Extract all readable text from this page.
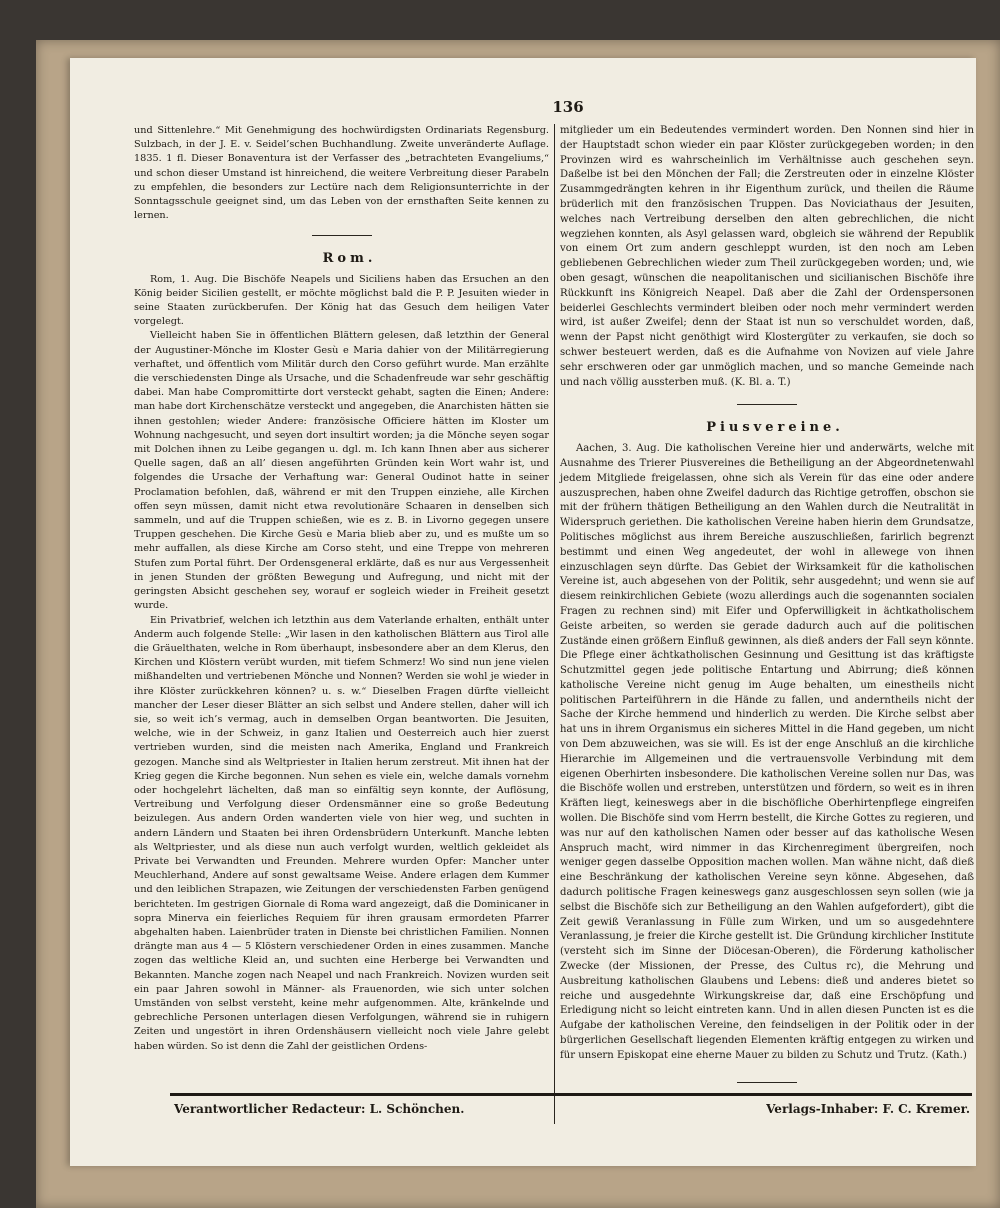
136

und Sittenlehre.“ Mit Genehmigung des hochwürdigsten Ordinariats Regensburg. Sulzbach, in der J. E. v. Seidel’schen Buchhandlung. Zweite unveränderte Auflage. 1835. 1 fl. Dieser Bonaventura ist der Verfasser des „betrachteten Evangeliums,“ und schon dieser Umstand ist hinreichend, die weitere Verbreitung dieser Parabeln zu empfehlen, die besonders zur Lectüre nach dem Religionsunterrichte in der Sonntagsschule geeignet sind, um das Leben von der ernsthaften Seite kennen zu lernen.

Rom.

Rom, 1. Aug. Die Bischöfe Neapels und Siciliens haben das Ersuchen an den König beider Sicilien gestellt, er möchte möglichst bald die P. P. Jesuiten wieder in seine Staaten zurückberufen. Der König hat das Gesuch dem heiligen Vater vorgelegt.

Vielleicht haben Sie in öffentlichen Blättern gelesen, daß letzthin der General der Augustiner-Mönche im Kloster Gesù e Maria dahier von der Militärregierung verhaftet, und öffentlich vom Militär durch den Corso geführt wurde. Man erzählte die verschiedensten Dinge als Ursache, und die Schadenfreude war sehr geschäftig dabei. Man habe Compromittirte dort versteckt gehabt, sagten die Einen; Andere: man habe dort Kirchenschätze versteckt und angegeben, die Anarchisten hätten sie ihnen gestohlen; wieder Andere: französische Officiere hätten im Kloster um Wohnung nachgesucht, und seyen dort insultirt worden; ja die Mönche seyen sogar mit Dolchen ihnen zu Leibe gegangen u. dgl. m. Ich kann Ihnen aber aus sicherer Quelle sagen, daß an all’ diesen angeführten Gründen kein Wort wahr ist, und folgendes die Ursache der Verhaftung war: General Oudinot hatte in seiner Proclamation befohlen, daß, während er mit den Truppen einziehe, alle Kirchen offen seyn müssen, damit nicht etwa revolutionäre Schaaren in denselben sich sammeln, und auf die Truppen schießen, wie es z. B. in Livorno gegegen unsere Truppen geschehen. Die Kirche Gesù e Maria blieb aber zu, und es mußte um so mehr auffallen, als diese Kirche am Corso steht, und eine Treppe von mehreren Stufen zum Portal führt. Der Ordensgeneral erklärte, daß es nur aus Vergessenheit in jenen Stunden der größten Bewegung und Aufregung, und nicht mit der geringsten Absicht geschehen sey, worauf er sogleich wieder in Freiheit gesetzt wurde.

Ein Privatbrief, welchen ich letzthin aus dem Vaterlande erhalten, enthält unter Anderm auch folgende Stelle: „Wir lasen in den katholischen Blättern aus Tirol alle die Gräuelthaten, welche in Rom überhaupt, insbesondere aber an dem Klerus, den Kirchen und Klöstern verübt wurden, mit tiefem Schmerz! Wo sind nun jene vielen mißhandelten und vertriebenen Mönche und Nonnen? Werden sie wohl je wieder in ihre Klöster zurückkehren können? u. s. w.“ Dieselben Fragen dürfte vielleicht mancher der Leser dieser Blätter an sich selbst und Andere stellen, daher will ich sie, so weit ich’s vermag, auch in demselben Organ beantworten. Die Jesuiten, welche, wie in der Schweiz, in ganz Italien und Oesterreich auch hier zuerst vertrieben wurden, sind die meisten nach Amerika, England und Frankreich gezogen. Manche sind als Weltpriester in Italien herum zerstreut. Mit ihnen hat der Krieg gegen die Kirche begonnen. Nun sehen es viele ein, welche damals vornehm oder hochgelehrt lächelten, daß man so einfältig seyn konnte, der Auflösung, Vertreibung und Verfolgung dieser Ordensmänner eine so große Bedeutung beizulegen. Aus andern Orden wanderten viele von hier weg, und suchten in andern Ländern und Staaten bei ihren Ordensbrüdern Unterkunft. Manche lebten als Weltpriester, und als diese nun auch verfolgt wurden, weltlich gekleidet als Private bei Verwandten und Freunden. Mehrere wurden Opfer: Mancher unter Meuchlerhand, Andere auf sonst gewaltsame Weise. Andere erlagen dem Kummer und den leiblichen Strapazen, wie Zeitungen der verschiedensten Farben genügend berichteten. Im gestrigen Giornale di Roma ward angezeigt, daß die Dominicaner in sopra Minerva ein feierliches Requiem für ihren grausam ermordeten Pfarrer abgehalten haben. Laienbrüder traten in Dienste bei christlichen Familien. Nonnen drängte man aus 4 — 5 Klöstern verschiedener Orden in eines zusammen. Manche zogen das weltliche Kleid an, und suchten eine Herberge bei Verwandten und Bekannten. Manche zogen nach Neapel und nach Frankreich. Novizen wurden seit ein paar Jahren sowohl in Männer- als Frauenorden, wie sich unter solchen Umständen von selbst versteht, keine mehr aufgenommen. Alte, kränkelnde und gebrechliche Personen unterlagen diesen Verfolgungen, während sie in ruhigern Zeiten und ungestört in ihren Ordenshäusern vielleicht noch viele Jahre gelebt haben würden. So ist denn die Zahl der geistlichen Ordens-

mitglieder um ein Bedeutendes vermindert worden. Den Nonnen sind hier in der Hauptstadt schon wieder ein paar Klöster zurückgegeben worden; in den Provinzen wird es wahrscheinlich im Verhältnisse auch geschehen seyn. Daßelbe ist bei den Mönchen der Fall; die Zerstreuten oder in einzelne Klöster Zusammgedrängten kehren in ihr Eigenthum zurück, und theilen die Räume brüderlich mit den französischen Truppen. Das Noviciathaus der Jesuiten, welches nach Vertreibung derselben den alten gebrechlichen, die nicht wegziehen konnten, als Asyl gelassen ward, obgleich sie während der Republik von einem Ort zum andern geschleppt wurden, ist den noch am Leben gebliebenen Gebrechlichen wieder zum Theil zurückgegeben worden; und, wie oben gesagt, wünschen die neapolitanischen und sicilianischen Bischöfe ihre Rückkunft ins Königreich Neapel. Daß aber die Zahl der Ordenspersonen beiderlei Geschlechts vermindert bleiben oder noch mehr vermindert werden wird, ist außer Zweifel; denn der Staat ist nun so verschuldet worden, daß, wenn der Papst nicht genöthigt wird Klostergüter zu verkaufen, sie doch so schwer besteuert werden, daß es die Aufnahme von Novizen auf viele Jahre sehr erschweren oder gar unmöglich machen, und so manche Gemeinde nach und nach völlig aussterben muß. (K. Bl. a. T.)

Piusvereine.

Aachen, 3. Aug. Die katholischen Vereine hier und anderwärts, welche mit Ausnahme des Trierer Piusvereines die Betheiligung an der Abgeordnetenwahl jedem Mitgliede freigelassen, ohne sich als Verein für das eine oder andere auszusprechen, haben ohne Zweifel dadurch das Richtige getroffen, obschon sie mit der frühern thätigen Betheiligung an den Wahlen durch die Neutralität in Widerspruch geriethen. Die katholischen Vereine haben hierin dem Grundsatze, Politisches möglichst aus ihrem Bereiche auszuschließen, farirlich begrenzt bestimmt und einen Weg angedeutet, der wohl in allewege von ihnen einzuschlagen seyn dürfte. Das Gebiet der Wirksamkeit für die katholischen Vereine ist, auch abgesehen von der Politik, sehr ausgedehnt; und wenn sie auf diesem reinkirchlichen Gebiete (wozu allerdings auch die sogenannten socialen Fragen zu rechnen sind) mit Eifer und Opferwilligkeit in ächtkatholischem Geiste arbeiten, so werden sie gerade dadurch auch auf die politischen Zustände einen größern Einfluß gewinnen, als dieß anders der Fall seyn könnte. Die Pflege einer ächtkatholischen Gesinnung und Gesittung ist das kräftigste Schutzmittel gegen jede politische Entartung und Abirrung; dieß können katholische Vereine nicht genug im Auge behalten, um einestheils nicht politischen Parteiführern in die Hände zu fallen, und anderntheils nicht der Sache der Kirche hemmend und hinderlich zu werden. Die Kirche selbst aber hat uns in ihrem Organismus ein sicheres Mittel in die Hand gegeben, um nicht von Dem abzuweichen, was sie will. Es ist der enge Anschluß an die kirchliche Hierarchie im Allgemeinen und die vertrauensvolle Verbindung mit dem eigenen Oberhirten insbesondere. Die katholischen Vereine sollen nur Das, was die Bischöfe wollen und erstreben, unterstützen und fördern, so weit es in ihren Kräften liegt, keineswegs aber in die bischöfliche Oberhirtenpflege eingreifen wollen. Die Bischöfe sind vom Herrn bestellt, die Kirche Gottes zu regieren, und was nur auf den katholischen Namen oder besser auf das katholische Wesen Anspruch macht, wird nimmer in das Kirchenregiment übergreifen, noch weniger gegen dasselbe Opposition machen wollen. Man wähne nicht, daß dieß eine Beschränkung der katholischen Vereine seyn könne. Abgesehen, daß dadurch politische Fragen keineswegs ganz ausgeschlossen seyn sollen (wie ja selbst die Bischöfe sich zur Betheiligung an den Wahlen aufgefordert), gibt die Zeit gewiß Veranlassung in Fülle zum Wirken, und um so ausgedehntere Veranlassung, je freier die Kirche gestellt ist. Die Gründung kirchlicher Institute (versteht sich im Sinne der Diöcesan-Oberen), die Förderung katholischer Zwecke (der Missionen, der Presse, des Cultus rc), die Mehrung und Ausbreitung katholischen Glaubens und Lebens: dieß und anderes bietet so reiche und ausgedehnte Wirkungskreise dar, daß eine Erschöpfung und Erledigung nicht so leicht eintreten kann. Und in allen diesen Puncten ist es die Aufgabe der katholischen Vereine, den feindseligen in der Politik oder in der bürgerlichen Gesellschaft liegenden Elementen kräftig entgegen zu wirken und für unsern Episkopat eine eherne Mauer zu bilden zu Schutz und Trutz. (Kath.)

Verantwortlicher Redacteur: L. Schönchen.	Verlags-Inhaber: F. C. Kremer.
